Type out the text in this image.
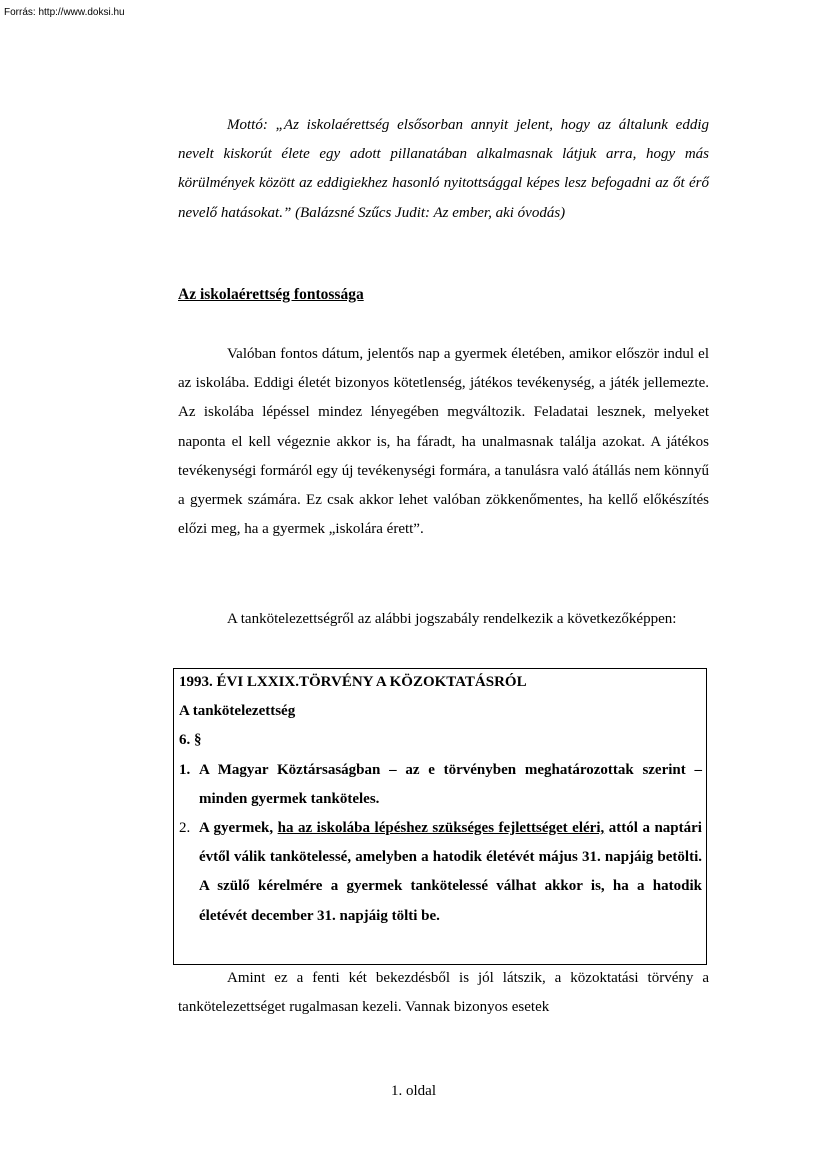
Forrás: http://www.doksi.hu

Mottó: „Az iskolaérettség elsősorban annyit jelent, hogy az általunk eddig nevelt kiskorút élete egy adott pillanatában alkalmasnak látjuk arra, hogy más körülmények között az eddigiekhez hasonló nyitottsággal képes lesz befogadni az őt érő nevelő hatásokat.” (Balázsné Szűcs Judit: Az ember, aki óvodás)

Az iskolaérettség fontossága

Valóban fontos dátum, jelentős nap a gyermek életében, amikor először indul el az iskolába. Eddigi életét bizonyos kötetlenség, játékos tevékenység, a játék jellemezte. Az iskolába lépéssel mindez lényegében megváltozik. Feladatai lesznek, melyeket naponta el kell végeznie akkor is, ha fáradt, ha unalmasnak találja azokat. A játékos tevékenységi formáról egy új tevékenységi formára, a tanulásra való átállás nem könnyű a gyermek számára. Ez csak akkor lehet valóban zökkenőmentes, ha kellő előkészítés előzi meg, ha a gyermek „iskolára érett”.

A tankötelezettségről az alábbi jogszabály rendelkezik a következőképpen:

1993. ÉVI LXXIX.TÖRVÉNY A KÖZOKTATÁSRÓL

A tankötelezettség

6. §

1. A Magyar Köztársaságban – az e törvényben meghatározottak szerint – minden gyermek tanköteles.
2. A gyermek, ha az iskolába lépéshez szükséges fejlettséget eléri, attól a naptári évtől válik tankötelessé, amelyben a hatodik életévét május 31. napjáig betölti. A szülő kérelmére a gyermek tankötelessé válhat akkor is, ha a hatodik életévét december 31. napjáig tölti be.

Amint ez a fenti két bekezdésből is jól látszik, a közoktatási törvény a tankötelezettséget rugalmasan kezeli. Vannak bizonyos esetek

1. oldal
